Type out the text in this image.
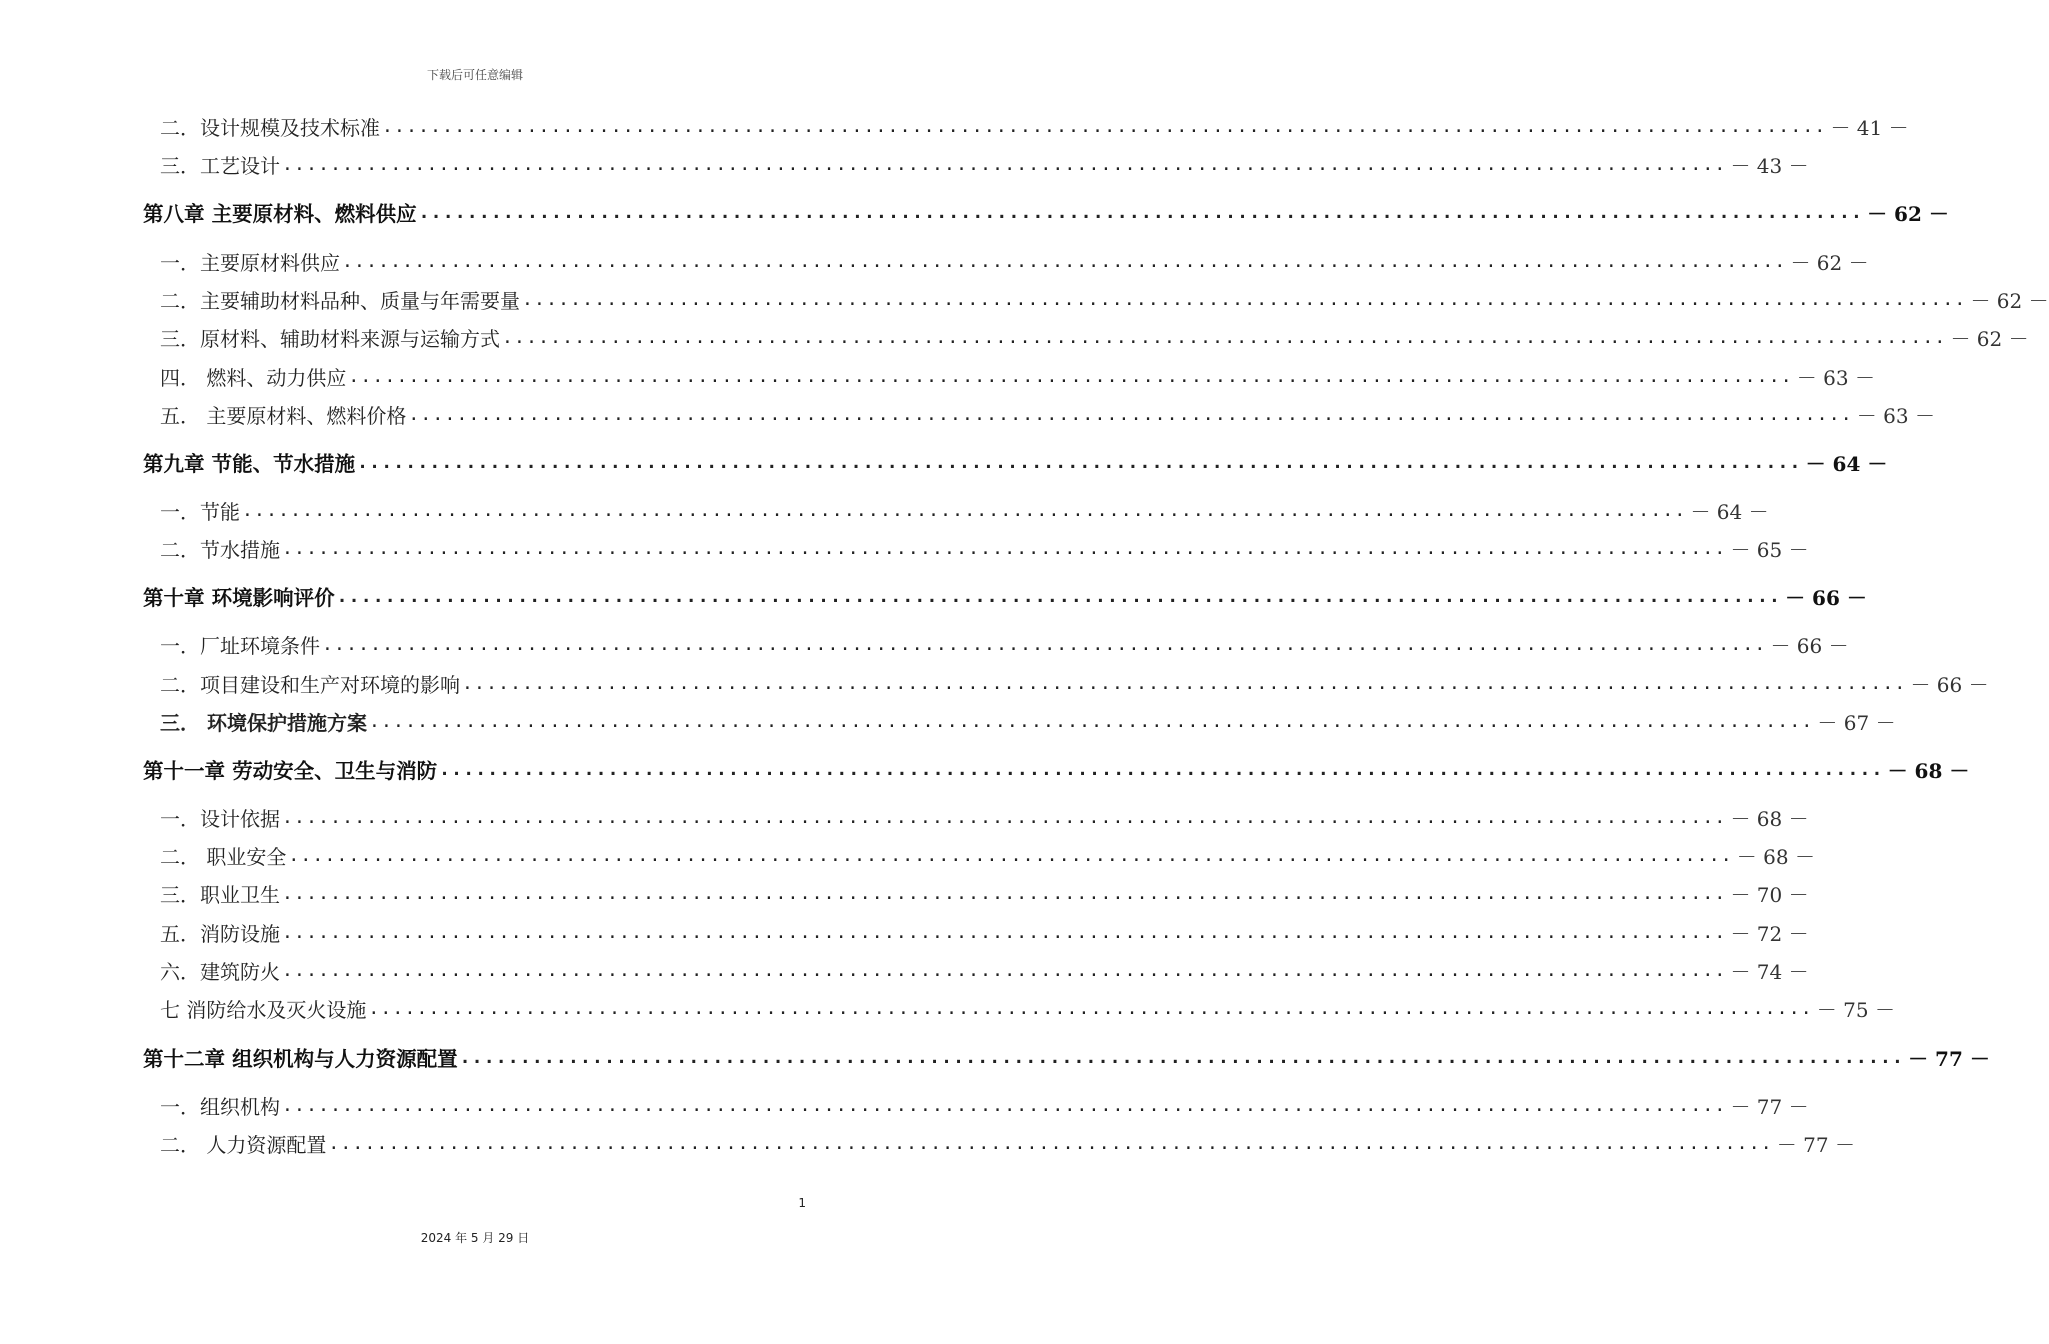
下载后可任意编辑
二．设计规模及技术标准 ........................................................................................................................ － 41 －
三．工艺设计 ........................................................................................................................ － 43 －
第八章 主要原材料、燃料供应 ........................................................................................................................ － 62 －
一．主要原材料供应 ........................................................................................................................ － 62 －
二．主要辅助材料品种、质量与年需要量 ........................................................................................................................ － 62 －
三．原材料、辅助材料来源与运输方式 ........................................................................................................................ － 62 －
四． 燃料、动力供应 ........................................................................................................................ － 63 －
五． 主要原材料、燃料价格 ........................................................................................................................ － 63 －
第九章 节能、节水措施 ........................................................................................................................ － 64 －
一．节能 ........................................................................................................................ － 64 －
二．节水措施 ........................................................................................................................ － 65 －
第十章 环境影响评价 ........................................................................................................................ － 66 －
一．厂址环境条件 ........................................................................................................................ － 66 －
二．项目建设和生产对环境的影响 ........................................................................................................................ － 66 －
三． 环境保护措施方案 ........................................................................................................................ － 67 －
第十一章 劳动安全、卫生与消防 ........................................................................................................................ － 68 －
一．设计依据 ........................................................................................................................ － 68 －
二． 职业安全 ........................................................................................................................ － 68 －
三．职业卫生 ........................................................................................................................ － 70 －
五．消防设施 ........................................................................................................................ － 72 －
六．建筑防火 ........................................................................................................................ － 74 －
七 消防给水及灭火设施 ........................................................................................................................ － 75 －
第十二章 组织机构与人力资源配置 ........................................................................................................................ － 77 －
一．组织机构 ........................................................................................................................ － 77 －
二． 人力资源配置 ........................................................................................................................ － 77 －
1
2024 年 5 月 29 日
